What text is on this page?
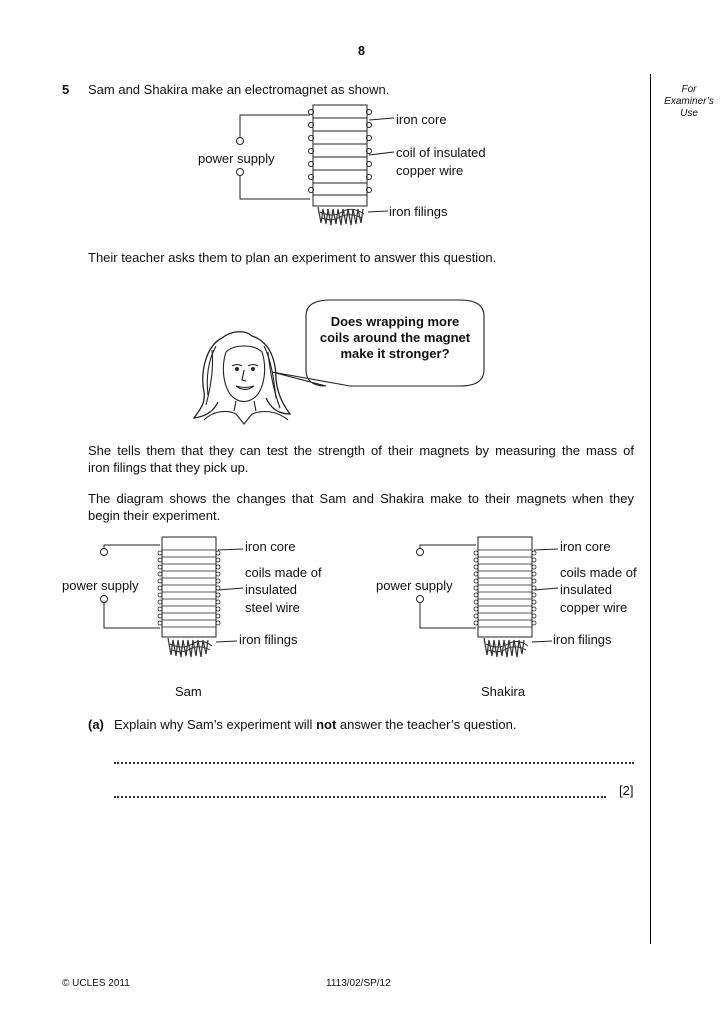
8
For
Examiner’s
Use
5 Sam and Shakira make an electromagnet as shown.
iron core
coil of insulated
copper wire
power supply
iron filings
Their teacher asks them to plan an experiment to answer this question.
Does wrapping more
coils around the magnet
make it stronger?
She tells them that they can test the strength of their magnets by measuring the mass of
iron filings that they pick up.
The diagram shows the changes that Sam and Shakira make to their magnets when they
begin their experiment.
iron core
coils made of
insulated
steel wire
power supply
iron filings
Sam
iron core
coils made of
insulated
copper wire
power supply
iron filings
Shakira
(a) Explain why Sam’s experiment will not answer the teacher’s question.
[2]
© UCLES 2011	1113/02/SP/12
